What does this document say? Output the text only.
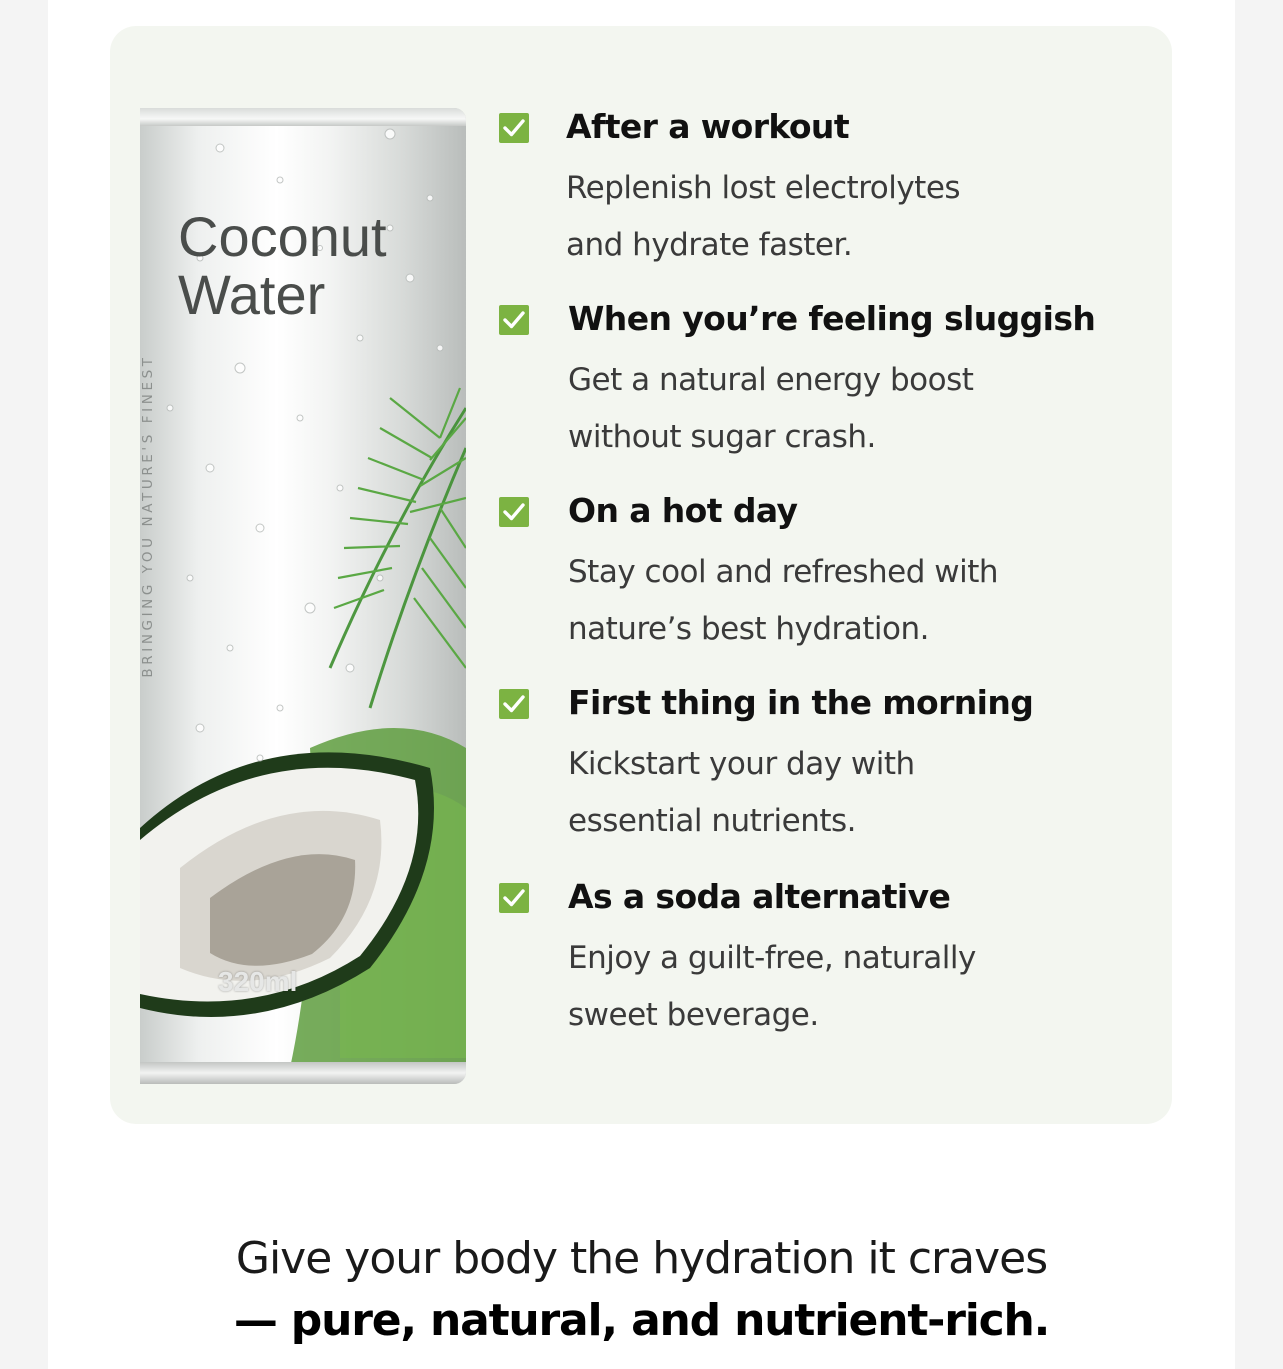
BRINGING YOU NATURE'S FINEST
Coconut
Water
320ml
After a workout
Replenish lost electrolytes
and hydrate faster.
When you’re feeling sluggish
Get a natural energy boost
without sugar crash.
On a hot day
Stay cool and refreshed with
nature’s best hydration.
First thing in the morning
Kickstart your day with
essential nutrients.
As a soda alternative
Enjoy a guilt-free, naturally
sweet beverage.
Give your body the hydration it craves
— pure, natural, and nutrient-rich.
